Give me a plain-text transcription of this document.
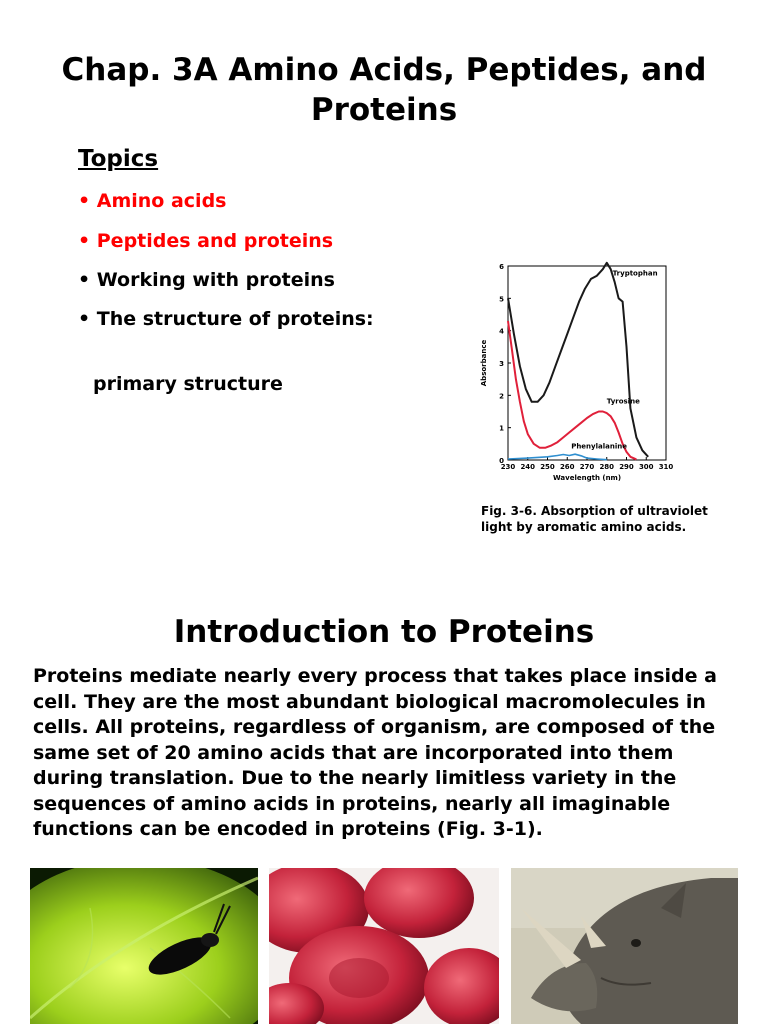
Chap. 3A Amino Acids, Peptides, and Proteins
Topics

• Amino acids

• Peptides and proteins

• Working with proteins

• The structure of proteins:

primary structure

0
1
2
3
4
5
6
230 240 250 260 270 280 290 300 310
Wavelength (nm)
Absorbance
Tryptophan
Tyrosine
Phenylalanine

Fig. 3-6. Absorption of ultraviolet light by aromatic amino acids.

Introduction to Proteins

Proteins mediate nearly every process that takes place inside a cell. They are the most abundant biological macromolecules in cells. All proteins, regardless of organism, are composed of the same set of 20 amino acids that are incorporated into them during translation. Due to the nearly limitless variety in the sequences of amino acids in proteins, nearly all imaginable functions can be encoded in proteins (Fig. 3-1).
